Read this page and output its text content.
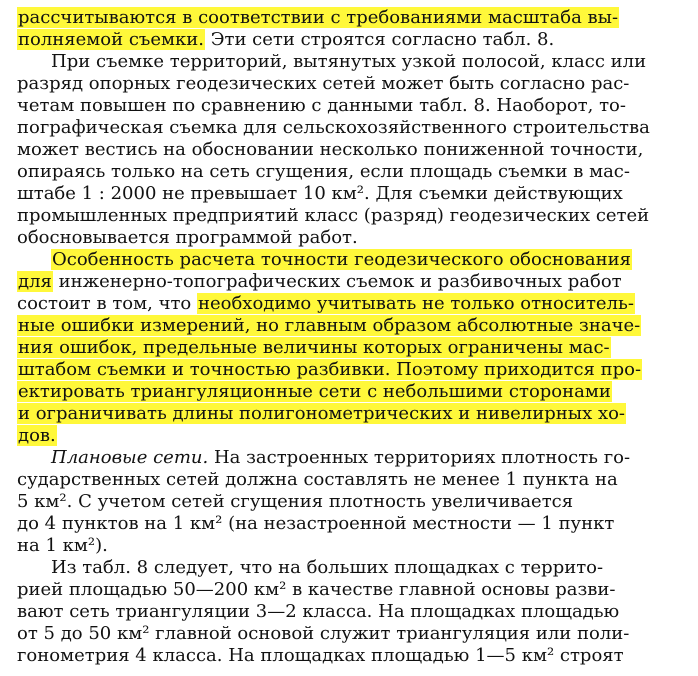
рассчитываются в соответствии с требованиями масштаба вы-
полняемой съемки. Эти сети строятся согласно табл. 8.
При съемке территорий, вытянутых узкой полосой, класс или
разряд опорных геодезических сетей может быть согласно рас-
четам повышен по сравнению с данными табл. 8. Наоборот, то-
пографическая съемка для сельскохозяйственного строительства
может вестись на обосновании несколько пониженной точности,
опираясь только на сеть сгущения, если площадь съемки в мас-
штабе 1 : 2000 не превышает 10 км². Для съемки действующих
промышленных предприятий класс (разряд) геодезических сетей
обосновывается программой работ.
Особенность расчета точности геодезического обоснования
для инженерно-топографических съемок и разбивочных работ
состоит в том, что необходимо учитывать не только относитель-
ные ошибки измерений, но главным образом абсолютные значе-
ния ошибок, предельные величины которых ограничены мас-
штабом съемки и точностью разбивки. Поэтому приходится про-
ектировать триангуляционные сети с небольшими сторонами
и ограничивать длины полигонометрических и нивелирных хо-
дов.
Плановые сети. На застроенных территориях плотность го-
сударственных сетей должна составлять не менее 1 пункта на
5 км². С учетом сетей сгущения плотность увеличивается
до 4 пунктов на 1 км² (на незастроенной местности — 1 пункт
на 1 км²).
Из табл. 8 следует, что на больших площадках с террито-
рией площадью 50—200 км² в качестве главной основы разви-
вают сеть триангуляции 3—2 класса. На площадках площадью
от 5 до 50 км² главной основой служит триангуляция или поли-
гонометрия 4 класса. На площадках площадью 1—5 км² строят
